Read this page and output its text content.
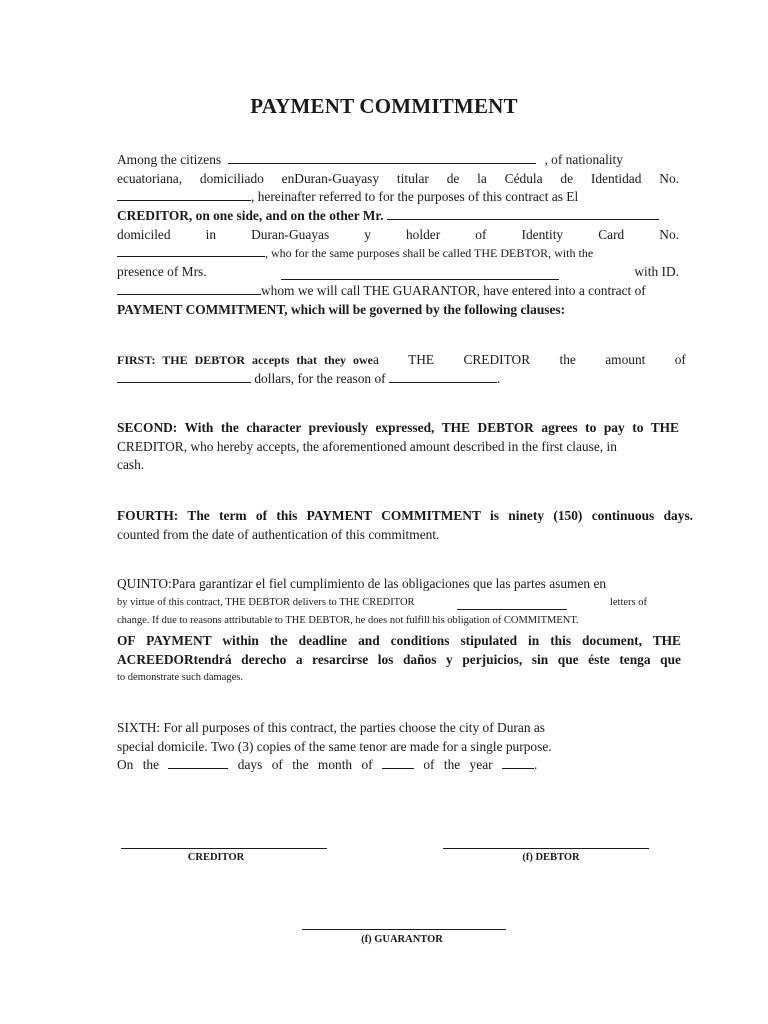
PAYMENT COMMITMENT
Among the citizens	, of nationality
ecuatoriana, domiciliado enDuran-Guayasy titular de la Cédula de Identidad No.
, hereinafter referred to for the purposes of this contract as El
CREDITOR, on one side, and on the other Mr.
domiciled in Duran-Guayas y holder of Identity Card No.
, who for the same purposes shall be called THE DEBTOR, with the
presence of Mrs.	with ID.
whom we will call THE GUARANTOR, have entered into a contract of
PAYMENT COMMITMENT, which will be governed by the following clauses:
FIRST: THE DEBTOR accepts that they owe a THE CREDITOR the amount of
dollars, for the reason of	.
SECOND: With the character previously expressed, THE DEBTOR agrees to pay to THE
CREDITOR, who hereby accepts, the aforementioned amount described in the first clause, in
cash.
FOURTH: The term of this PAYMENT COMMITMENT is ninety (150) continuous days.
counted from the date of authentication of this commitment.
QUINTO:Para garantizar el fiel cumplimiento de las obligaciones que las partes asumen en
by virtue of this contract, THE DEBTOR delivers to THE CREDITOR	letters of
change. If due to reasons attributable to THE DEBTOR, he does not fulfill his obligation of COMMITMENT.
OF PAYMENT within the deadline and conditions stipulated in this document, THE
ACREEDORtendrá derecho a resarcirse los daños y perjuicios, sin que éste tenga que
to demonstrate such damages.
SIXTH: For all purposes of this contract, the parties choose the city of Duran as
special domicile. Two (3) copies of the same tenor are made for a single purpose.
On the	days of the month of	of the year	.
CREDITOR	(f) DEBTOR
(f) GUARANTOR
